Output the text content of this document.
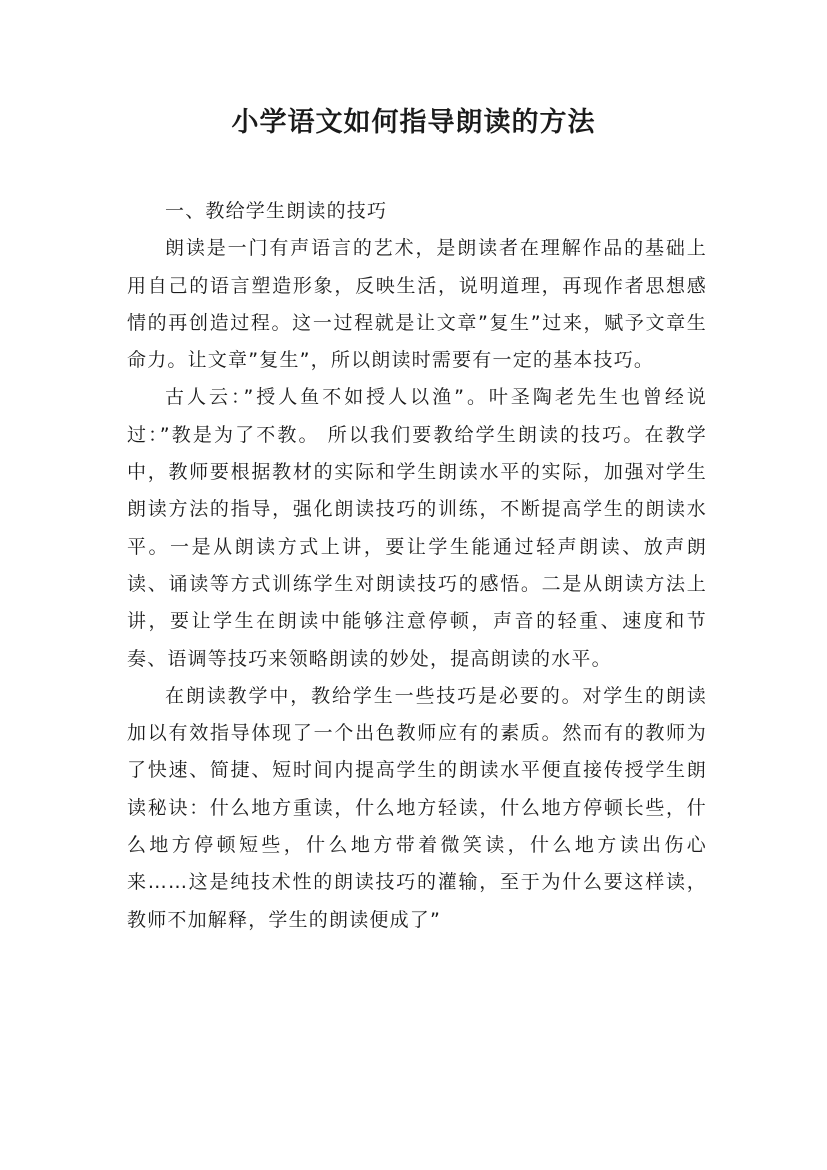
小学语文如何指导朗读的方法

一、教给学生朗读的技巧

朗读是一门有声语言的艺术，是朗读者在理解作品的基础上用自己的语言塑造形象，反映生活，说明道理，再现作者思想感情的再创造过程。这一过程就是让文章”复生”过来，赋予文章生命力。让文章”复生”，所以朗读时需要有一定的基本技巧。

古人云：”授人鱼不如授人以渔”。叶圣陶老先生也曾经说过：”教是为了不教。 所以我们要教给学生朗读的技巧。在教学中，教师要根据教材的实际和学生朗读水平的实际，加强对学生朗读方法的指导，强化朗读技巧的训练，不断提高学生的朗读水平。一是从朗读方式上讲，要让学生能通过轻声朗读、放声朗读、诵读等方式训练学生对朗读技巧的感悟。二是从朗读方法上讲，要让学生在朗读中能够注意停顿，声音的轻重、速度和节奏、语调等技巧来领略朗读的妙处，提高朗读的水平。

在朗读教学中，教给学生一些技巧是必要的。对学生的朗读加以有效指导体现了一个出色教师应有的素质。然而有的教师为了快速、简捷、短时间内提高学生的朗读水平便直接传授学生朗读秘诀：什么地方重读，什么地方轻读，什么地方停顿长些，什么地方停顿短些，什么地方带着微笑读，什么地方读出伤心来……这是纯技术性的朗读技巧的灌输，至于为什么要这样读，教师不加解释，学生的朗读便成了”
